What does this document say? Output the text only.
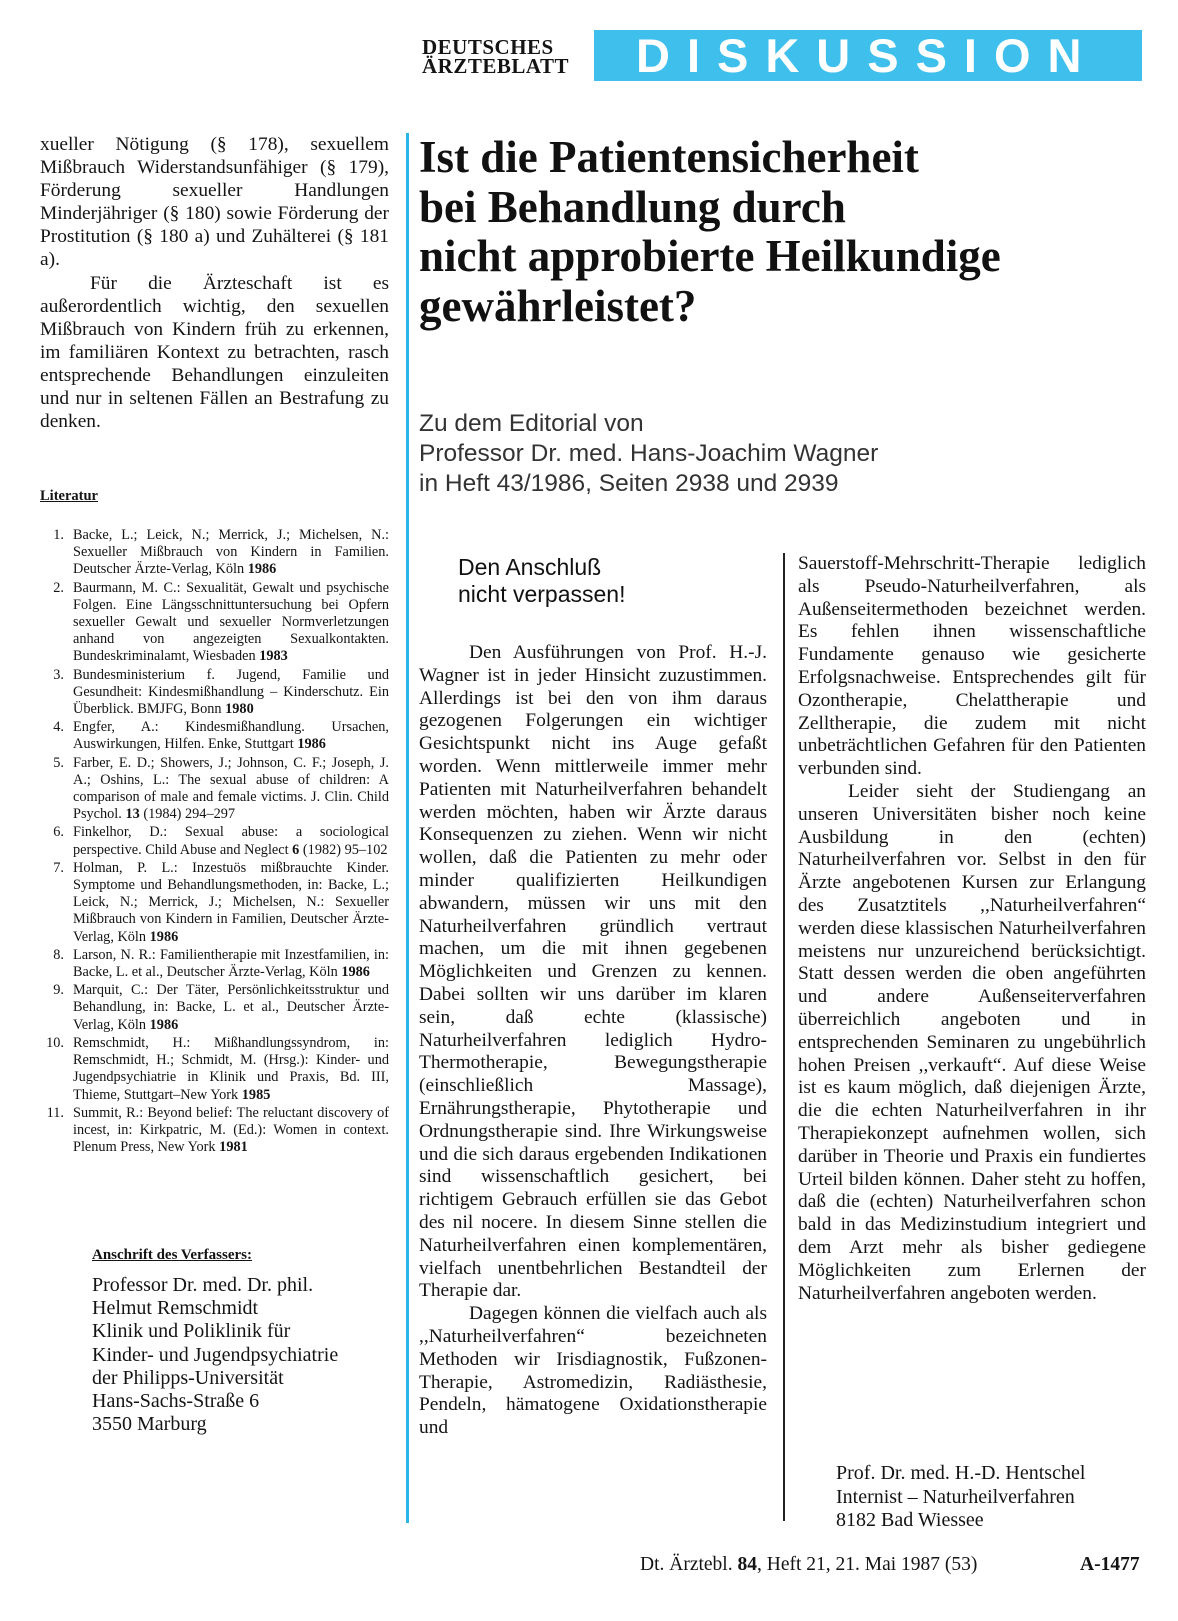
DEUTSCHES
ÄRZTEBLATT	DISKUSSION

xueller Nötigung (§ 178), sexuellem Mißbrauch Widerstandsunfähiger (§ 179), Förderung sexueller Handlungen Minderjähriger (§ 180) sowie Förderung der Prostitution (§ 180 a) und Zuhälterei (§ 181 a).

Für die Ärzteschaft ist es außerordentlich wichtig, den sexuellen Mißbrauch von Kindern früh zu erkennen, im familiären Kontext zu betrachten, rasch entsprechende Behandlungen einzuleiten und nur in seltenen Fällen an Bestrafung zu denken.

Literatur
1. Backe, L.; Leick, N.; Merrick, J.; Michelsen, N.: Sexueller Mißbrauch von Kindern in Familien. Deutscher Ärzte-Verlag, Köln 1986
2. Baurmann, M. C.: Sexualität, Gewalt und psychische Folgen. Eine Längsschnittuntersuchung bei Opfern sexueller Gewalt und sexueller Normverletzungen anhand von angezeigten Sexualkontakten. Bundeskriminalamt, Wiesbaden 1983
3. Bundesministerium f. Jugend, Familie und Gesundheit: Kindesmißhandlung – Kinderschutz. Ein Überblick. BMJFG, Bonn 1980
4. Engfer, A.: Kindesmißhandlung. Ursachen, Auswirkungen, Hilfen. Enke, Stuttgart 1986
5. Farber, E. D.; Showers, J.; Johnson, C. F.; Joseph, J. A.; Oshins, L.: The sexual abuse of children: A comparison of male and female victims. J. Clin. Child Psychol. 13 (1984) 294–297
6. Finkelhor, D.: Sexual abuse: a sociological perspective. Child Abuse and Neglect 6 (1982) 95–102
7. Holman, P. L.: Inzestuös mißbrauchte Kinder. Symptome und Behandlungsmethoden, in: Backe, L.; Leick, N.; Merrick, J.; Michelsen, N.: Sexueller Mißbrauch von Kindern in Familien, Deutscher Ärzte-Verlag, Köln 1986
8. Larson, N. R.: Familientherapie mit Inzestfamilien, in: Backe, L. et al., Deutscher Ärzte-Verlag, Köln 1986
9. Marquit, C.: Der Täter, Persönlichkeitsstruktur und Behandlung, in: Backe, L. et al., Deutscher Ärzte-Verlag, Köln 1986
10. Remschmidt, H.: Mißhandlungssyndrom, in: Remschmidt, H.; Schmidt, M. (Hrsg.): Kinder- und Jugendpsychiatrie in Klinik und Praxis, Bd. III, Thieme, Stuttgart–New York 1985
11. Summit, R.: Beyond belief: The reluctant discovery of incest, in: Kirkpatric, M. (Ed.): Women in context. Plenum Press, New York 1981
Anschrift des Verfassers:
Professor Dr. med. Dr. phil.
Helmut Remschmidt
Klinik und Poliklinik für
Kinder- und Jugendpsychiatrie
der Philipps-Universität
Hans-Sachs-Straße 6
3550 Marburg
Ist die Patientensicherheit
bei Behandlung durch
nicht approbierte Heilkundige
gewährleistet?
Zu dem Editorial von
Professor Dr. med. Hans-Joachim Wagner
in Heft 43/1986, Seiten 2938 und 2939
Den Anschluß
nicht verpassen!

Den Ausführungen von Prof. H.-J. Wagner ist in jeder Hinsicht zuzustimmen. Allerdings ist bei den von ihm daraus gezogenen Folgerungen ein wichtiger Gesichtspunkt nicht ins Auge gefaßt worden. Wenn mittlerweile immer mehr Patienten mit Naturheilverfahren behandelt werden möchten, haben wir Ärzte daraus Konsequenzen zu ziehen. Wenn wir nicht wollen, daß die Patienten zu mehr oder minder qualifizierten Heilkundigen abwandern, müssen wir uns mit den Naturheilverfahren gründlich vertraut machen, um die mit ihnen gegebenen Möglichkeiten und Grenzen zu kennen. Dabei sollten wir uns darüber im klaren sein, daß echte (klassische) Naturheilverfahren lediglich Hydro-Thermotherapie, Bewegungstherapie (einschließlich Massage), Ernährungstherapie, Phytotherapie und Ordnungstherapie sind. Ihre Wirkungsweise und die sich daraus ergebenden Indikationen sind wissenschaftlich gesichert, bei richtigem Gebrauch erfüllen sie das Gebot des nil nocere. In diesem Sinne stellen die Naturheilverfahren einen komplementären, vielfach unentbehrlichen Bestandteil der Therapie dar.

Dagegen können die vielfach auch als ,,Naturheilverfahren“ bezeichneten Methoden wir Irisdiagnostik, Fußzonen-Therapie, Astromedizin, Radiästhesie, Pendeln, hämatogene Oxidationstherapie und

Sauerstoff-Mehrschritt-Therapie lediglich als Pseudo-Naturheilverfahren, als Außenseitermethoden bezeichnet werden. Es fehlen ihnen wissenschaftliche Fundamente genauso wie gesicherte Erfolgsnachweise. Entsprechendes gilt für Ozontherapie, Chelattherapie und Zelltherapie, die zudem mit nicht unbeträchtlichen Gefahren für den Patienten verbunden sind.

Leider sieht der Studiengang an unseren Universitäten bisher noch keine Ausbildung in den (echten) Naturheilverfahren vor. Selbst in den für Ärzte angebotenen Kursen zur Erlangung des Zusatztitels ,,Naturheilverfahren“ werden diese klassischen Naturheilverfahren meistens nur unzureichend berücksichtigt. Statt dessen werden die oben angeführten und andere Außenseiterverfahren überreichlich angeboten und in entsprechenden Seminaren zu ungebührlich hohen Preisen ,,verkauft“. Auf diese Weise ist es kaum möglich, daß diejenigen Ärzte, die die echten Naturheilverfahren in ihr Therapiekonzept aufnehmen wollen, sich darüber in Theorie und Praxis ein fundiertes Urteil bilden können. Daher steht zu hoffen, daß die (echten) Naturheilverfahren schon bald in das Medizinstudium integriert und dem Arzt mehr als bisher gediegene Möglichkeiten zum Erlernen der Naturheilverfahren angeboten werden.

Prof. Dr. med. H.-D. Hentschel
Internist – Naturheilverfahren
8182 Bad Wiessee
Dt. Ärztebl. 84, Heft 21, 21. Mai 1987 (53)	A-1477
